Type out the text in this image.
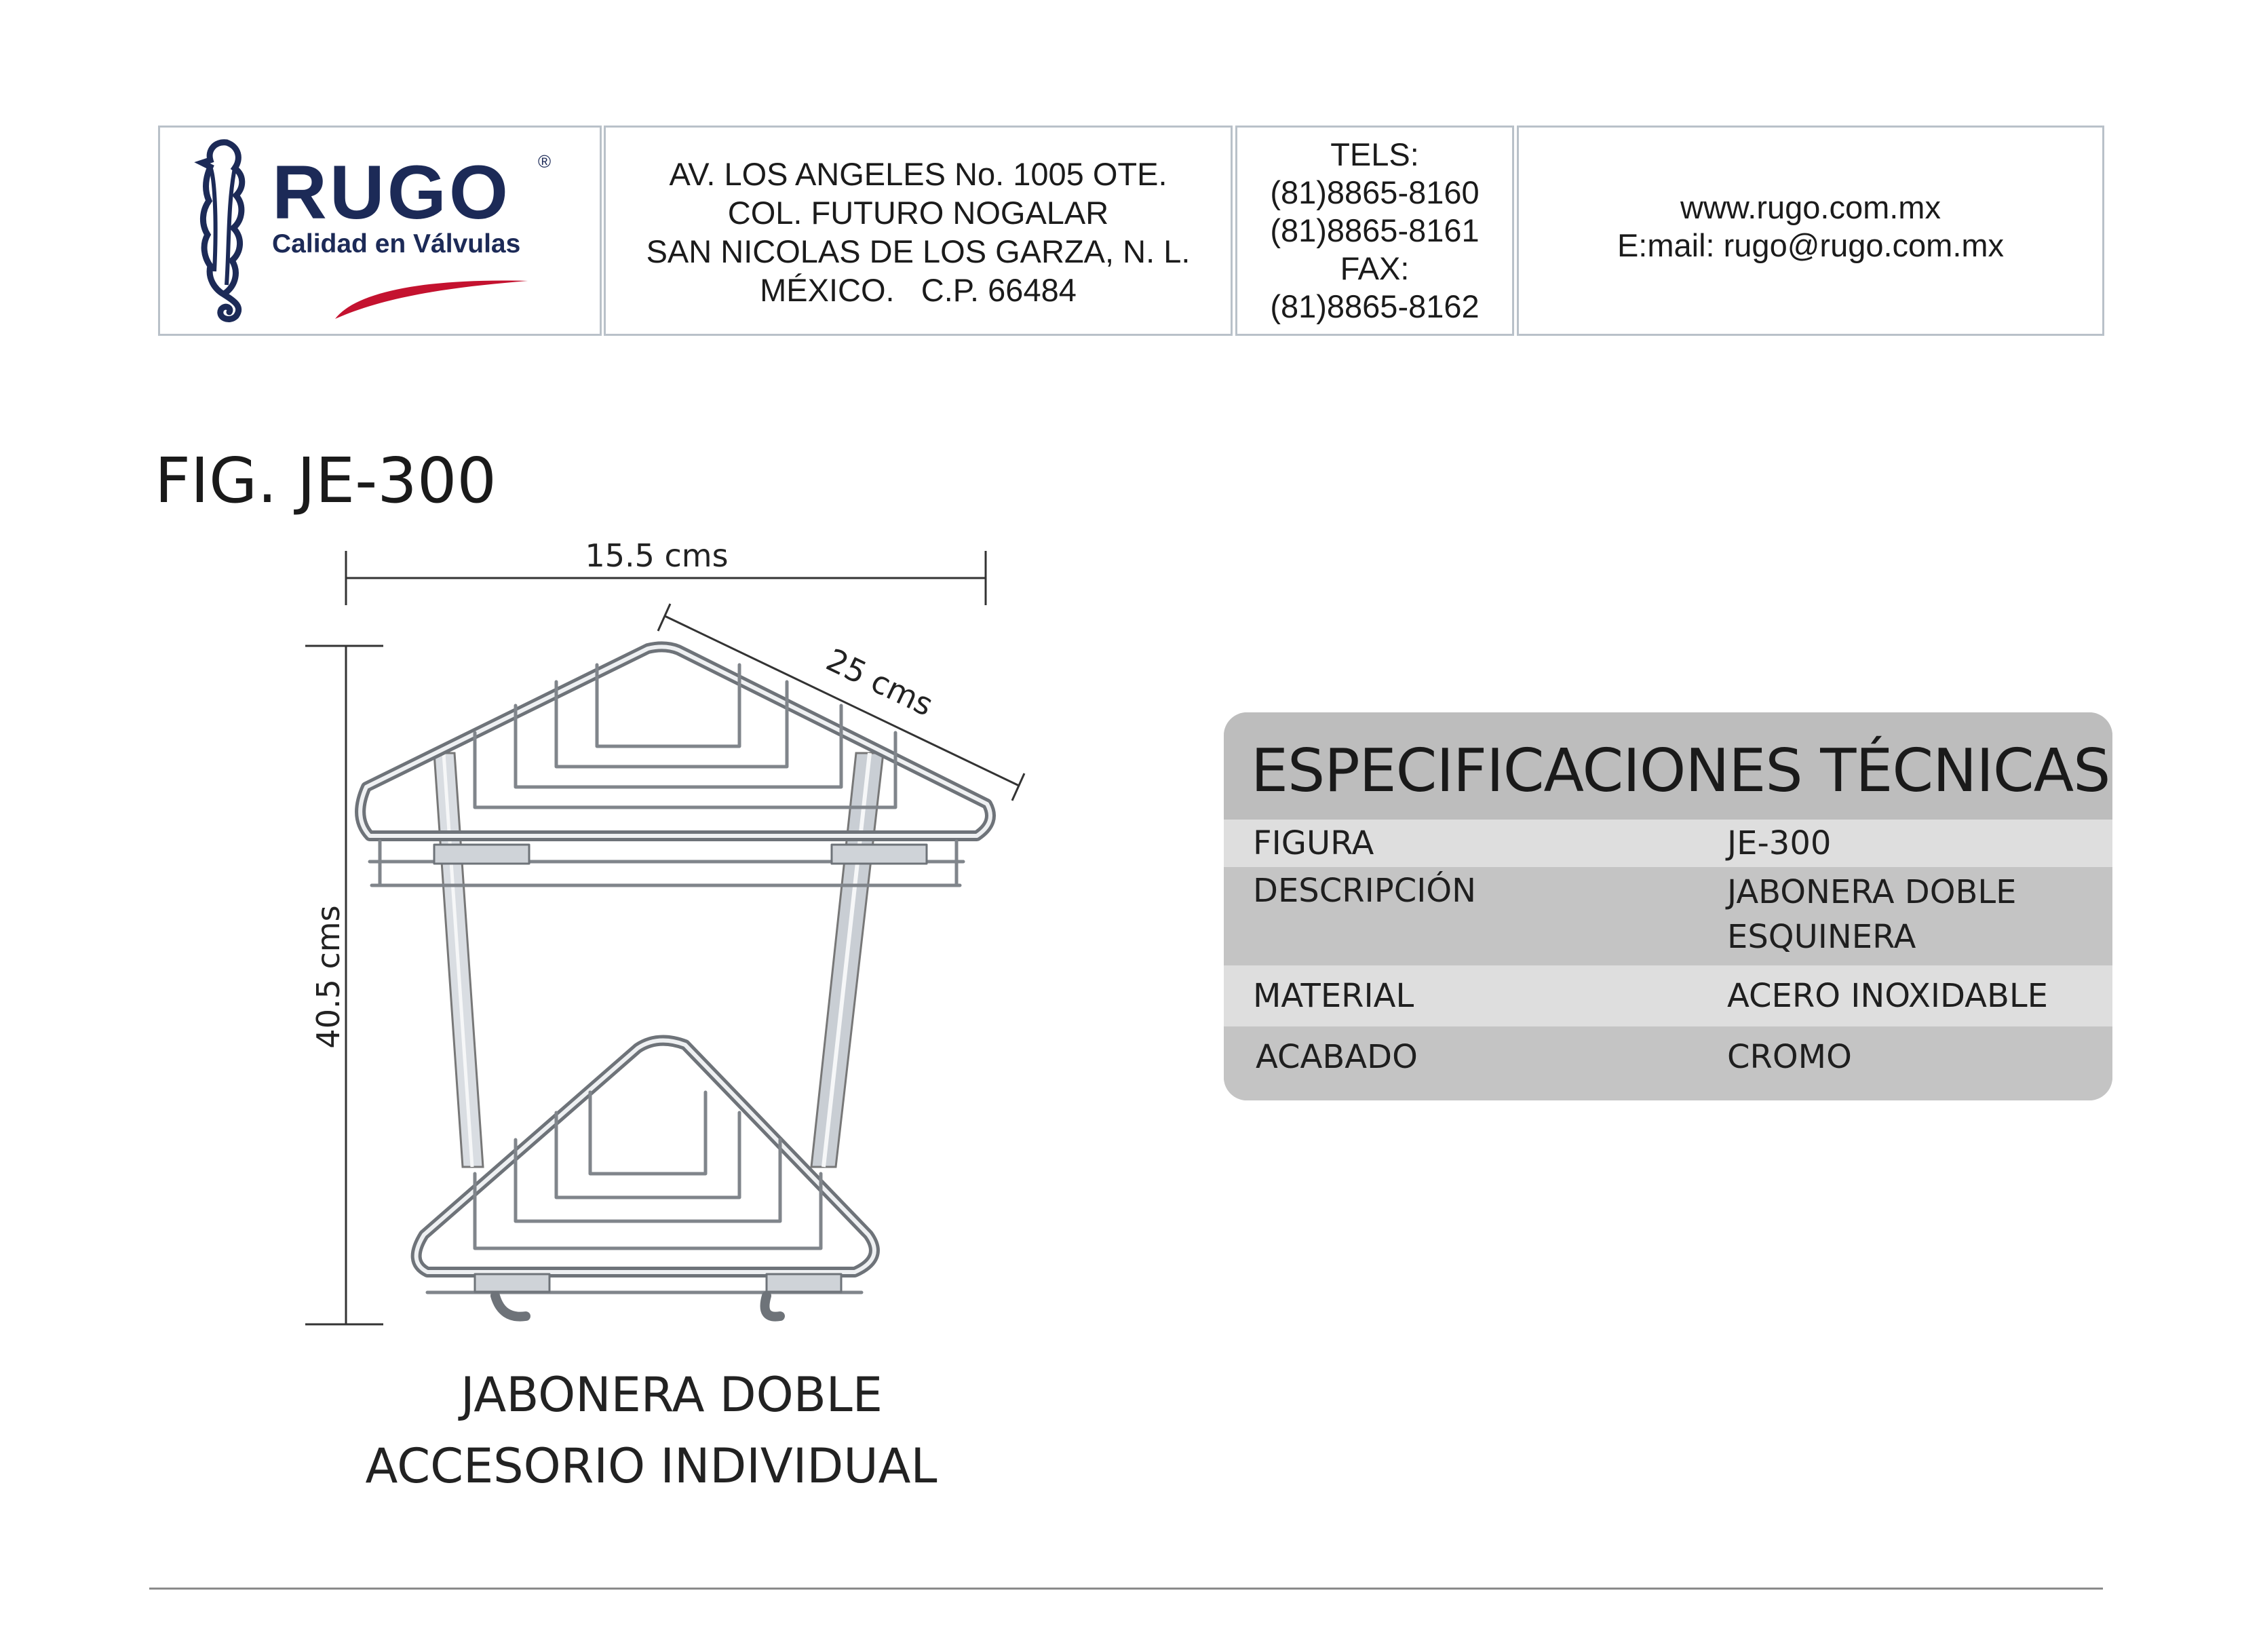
RUGO ®
Calidad en Válvulas
AV. LOS ANGELES No. 1005 OTE.
COL. FUTURO NOGALAR
SAN NICOLAS DE LOS GARZA, N. L.
MÉXICO.   C.P. 66484
TELS:
(81)8865-8160
(81)8865-8161
FAX:
(81)8865-8162
www.rugo.com.mx
E:mail: rugo@rugo.com.mx
FIG. JE-300
15.5 cms
25 cms
40.5 cms
JABONERA DOBLE
ACCESORIO INDIVIDUAL
ESPECIFICACIONES TÉCNICAS
FIGURA	JE-300
DESCRIPCIÓN	JABONERA DOBLE
ESQUINERA
MATERIAL	ACERO INOXIDABLE
ACABADO	CROMO
